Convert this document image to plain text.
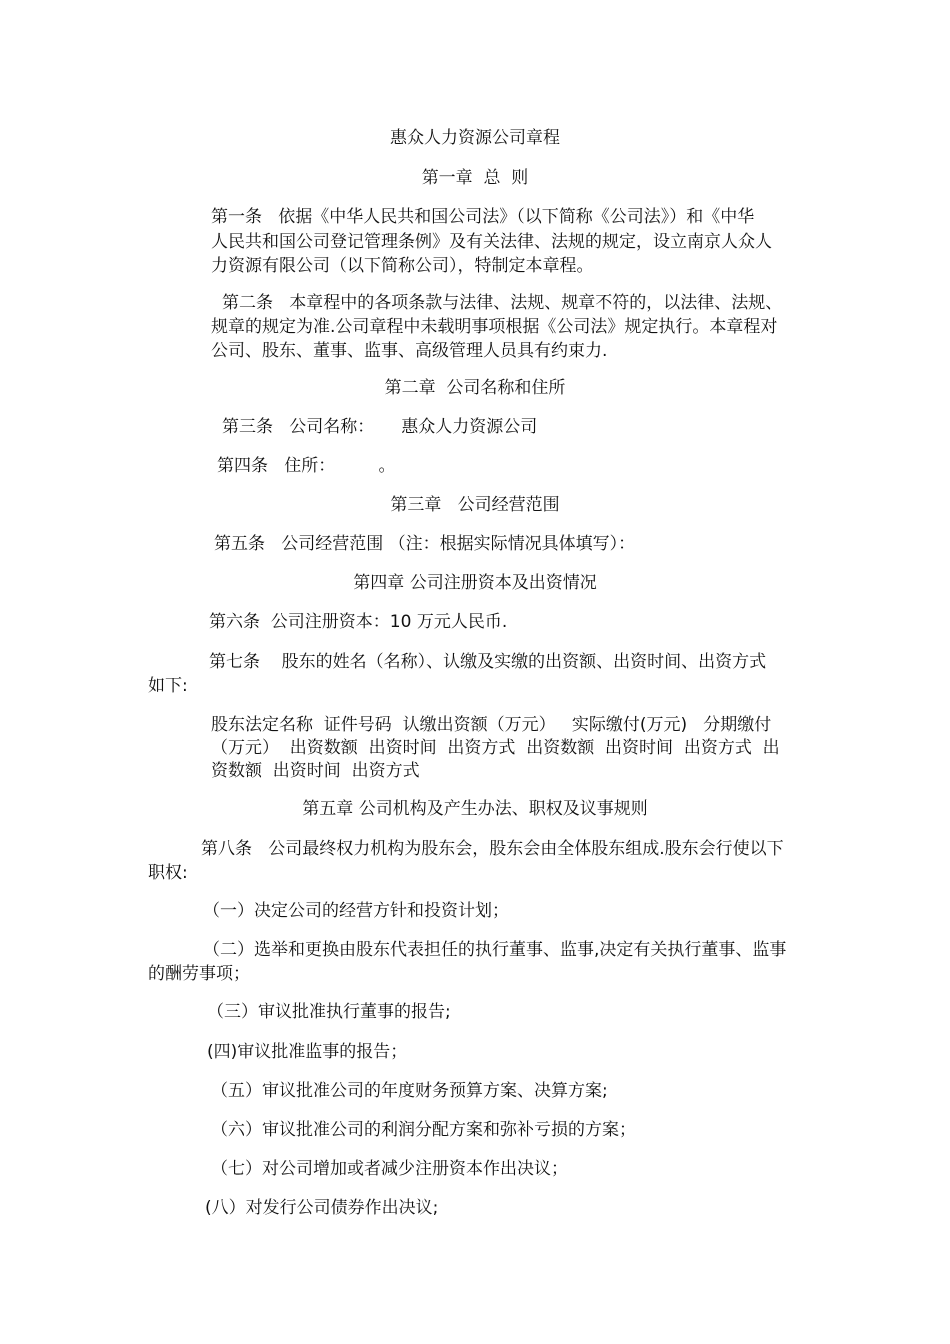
惠众人力资源公司章程

第一章  总  则

第一条   依据《中华人民共和国公司法》（以下简称《公司法》）和《中华

人民共和国公司登记管理条例》及有关法律、法规的规定，设立南京人众人

力资源有限公司（以下简称公司），特制定本章程。

第二条   本章程中的各项条款与法律、法规、规章不符的，以法律、法规、

规章的规定为准.公司章程中未载明事项根据《公司法》规定执行。本章程对

公司、股东、董事、监事、高级管理人员具有约束力.

第二章  公司名称和住所

第三条   公司名称：     惠众人力资源公司

第四条   住所：        。

第三章   公司经营范围

第五条   公司经营范围 （注：根据实际情况具体填写）：

第四章 公司注册资本及出资情况

第六条  公司注册资本：10 万元人民币.

第七条    股东的姓名（名称）、认缴及实缴的出资额、出资时间、出资方式

如下:

股东法定名称  证件号码  认缴出资额（万元）   实际缴付(万元)   分期缴付

（万元）  出资数额  出资时间  出资方式  出资数额  出资时间  出资方式  出

资数额  出资时间  出资方式

第五章 公司机构及产生办法、职权及议事规则

第八条   公司最终权力机构为股东会，股东会由全体股东组成.股东会行使以下

职权:

（一）决定公司的经营方针和投资计划；

（二）选举和更换由股东代表担任的执行董事、监事,决定有关执行董事、监事

的酬劳事项；

（三）审议批准执行董事的报告;

(四)审议批准监事的报告；

（五）审议批准公司的年度财务预算方案、决算方案;

（六）审议批准公司的利润分配方案和弥补亏损的方案；

（七）对公司增加或者减少注册资本作出决议；

(八）对发行公司债券作出决议;
